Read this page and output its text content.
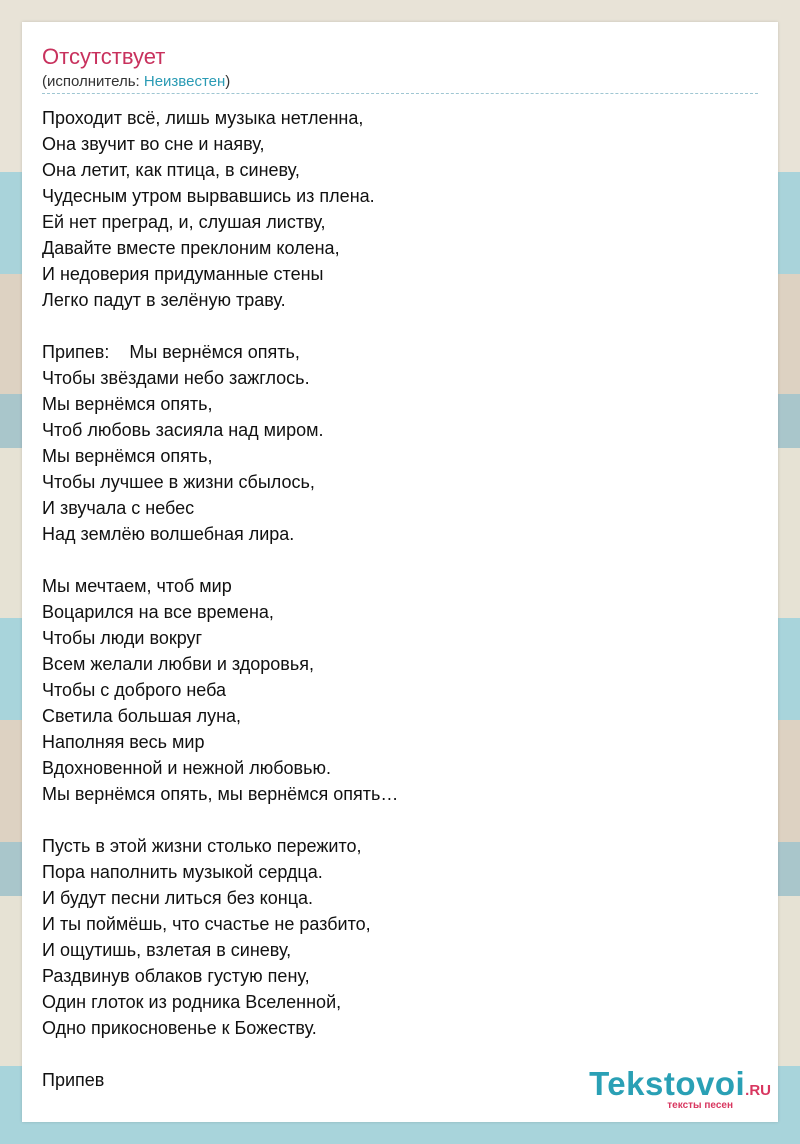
Отсутствует
(исполнитель: Неизвестен)
Проходит всё, лишь музыка нетленна,
Она звучит во сне и наяву,
Она летит, как птица, в синеву,
Чудесным утром вырвавшись из плена.
Ей нет преград, и, слушая листву,
Давайте вместе преклоним колена,
И недоверия придуманные стены
Легко падут в зелёную траву.
Припев:    Мы вернёмся опять,
Чтобы звёздами небо зажглось.
Мы вернёмся опять,
Чтоб любовь засияла над миром.
Мы вернёмся опять,
Чтобы лучшее в жизни сбылось,
И звучала с небес
Над землёю волшебная лира.
Мы мечтаем, чтоб мир
Воцарился на все времена,
Чтобы люди вокруг
Всем желали любви и здоровья,
Чтобы с доброго неба
Светила большая луна,
Наполняя весь мир
Вдохновенной и нежной любовью.
Мы вернёмся опять, мы вернёмся опять…
Пусть в этой жизни столько пережито,
Пора наполнить музыкой сердца.
И будут песни литься без конца.
И ты поймёшь, что счастье не разбито,
И ощутишь, взлетая в синеву,
Раздвинув облаков густую пену,
Один глоток из родника Вселенной,
Одно прикосновенье к Божеству.
Припев	Tekstovoi.RU
тексты песен
